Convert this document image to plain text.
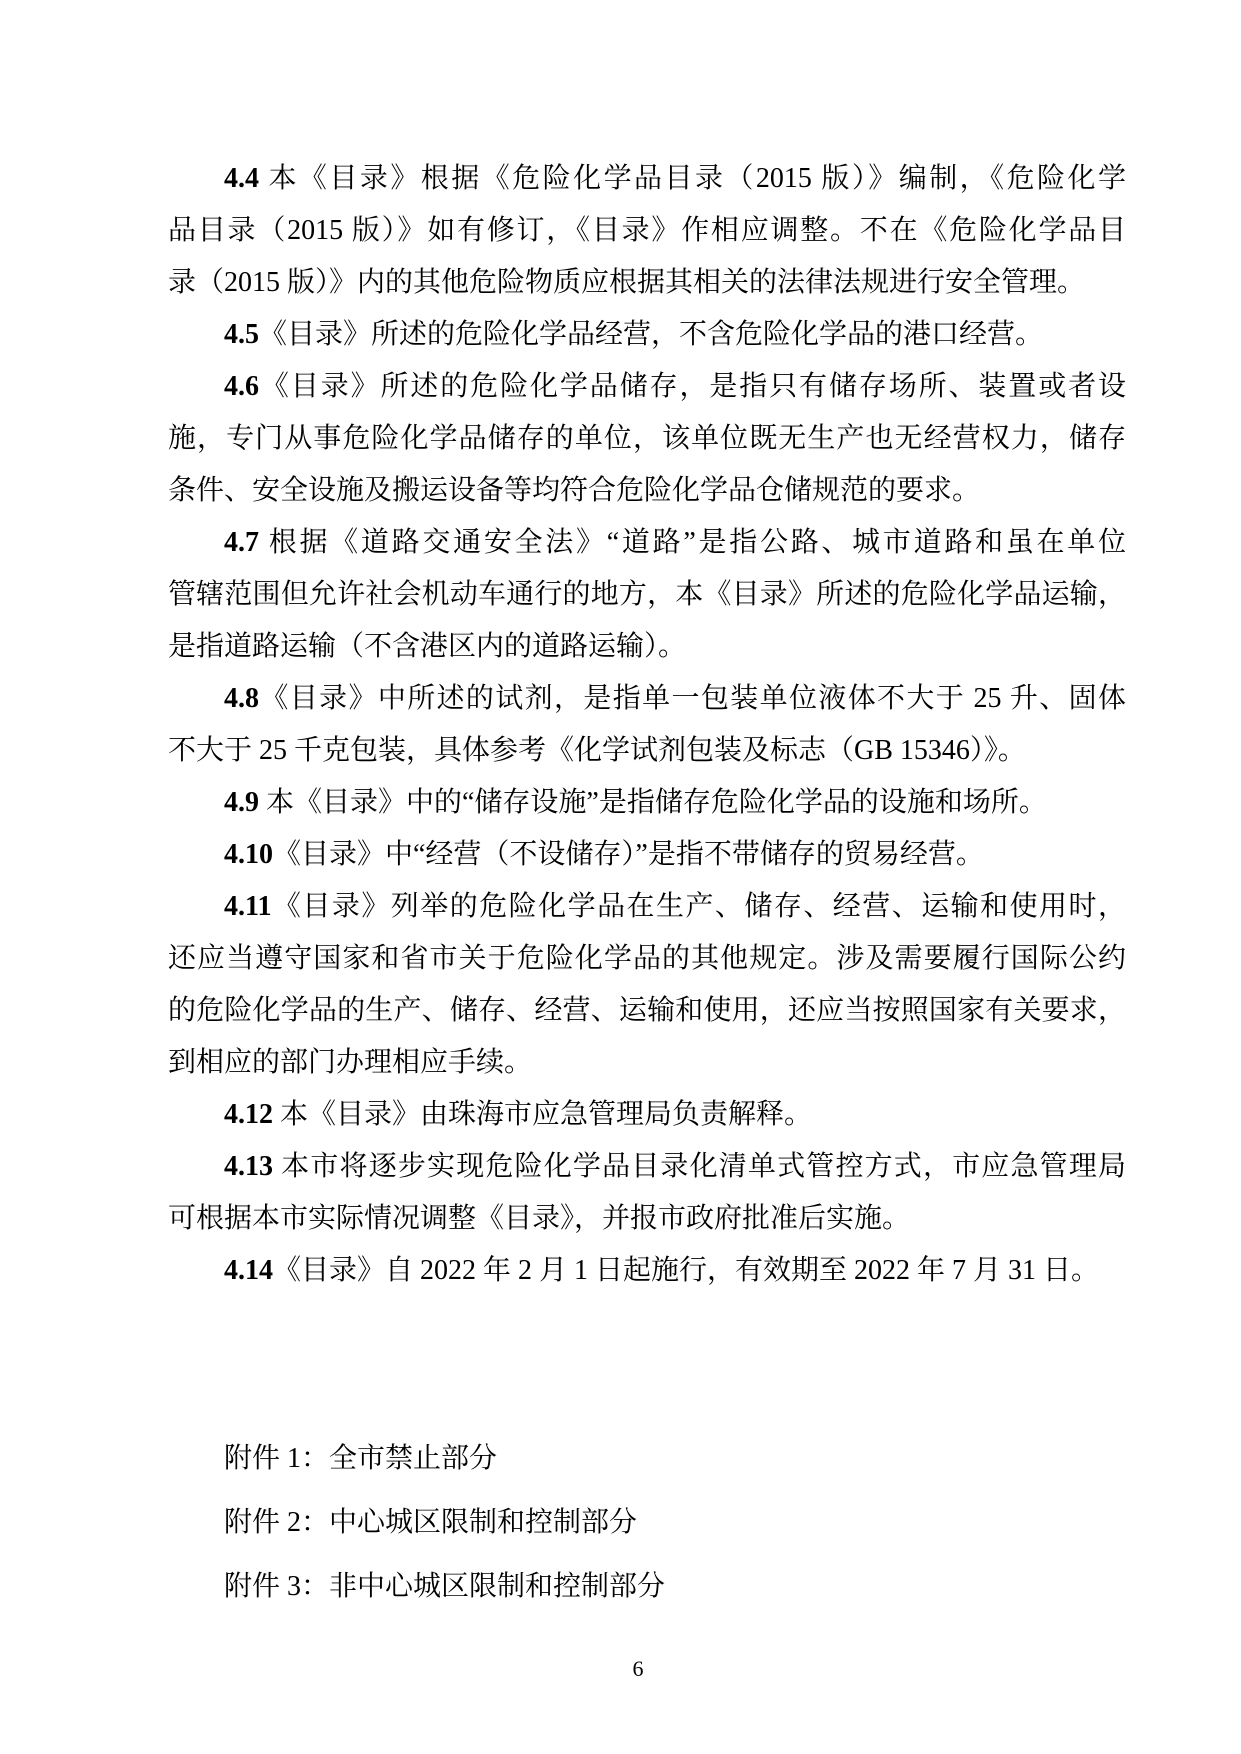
4.4 本《目录》根据《危险化学品目录（2015 版）》编制，《危险化学
品目录（2015 版）》如有修订，《目录》作相应调整。不在《危险化学品目
录（2015 版）》内的其他危险物质应根据其相关的法律法规进行安全管理。
4.5《目录》所述的危险化学品经营，不含危险化学品的港口经营。
4.6《目录》所述的危险化学品储存，是指只有储存场所、装置或者设
施，专门从事危险化学品储存的单位，该单位既无生产也无经营权力，储存
条件、安全设施及搬运设备等均符合危险化学品仓储规范的要求。
4.7 根据《道路交通安全法》“道路”是指公路、城市道路和虽在单位
管辖范围但允许社会机动车通行的地方，本《目录》所述的危险化学品运输，
是指道路运输（不含港区内的道路运输）。
4.8《目录》中所述的试剂，是指单一包装单位液体不大于 25 升、固体
不大于 25 千克包装，具体参考《化学试剂包装及标志（GB 15346）》。
4.9 本《目录》中的“储存设施”是指储存危险化学品的设施和场所。
4.10《目录》中“经营（不设储存）”是指不带储存的贸易经营。
4.11《目录》列举的危险化学品在生产、储存、经营、运输和使用时，
还应当遵守国家和省市关于危险化学品的其他规定。涉及需要履行国际公约
的危险化学品的生产、储存、经营、运输和使用，还应当按照国家有关要求，
到相应的部门办理相应手续。
4.12 本《目录》由珠海市应急管理局负责解释。
4.13 本市将逐步实现危险化学品目录化清单式管控方式，市应急管理局
可根据本市实际情况调整《目录》，并报市政府批准后实施。
4.14《目录》自 2022 年 2 月 1 日起施行，有效期至 2022 年 7 月 31 日。
附件 1：全市禁止部分
附件 2：中心城区限制和控制部分
附件 3：非中心城区限制和控制部分
6
